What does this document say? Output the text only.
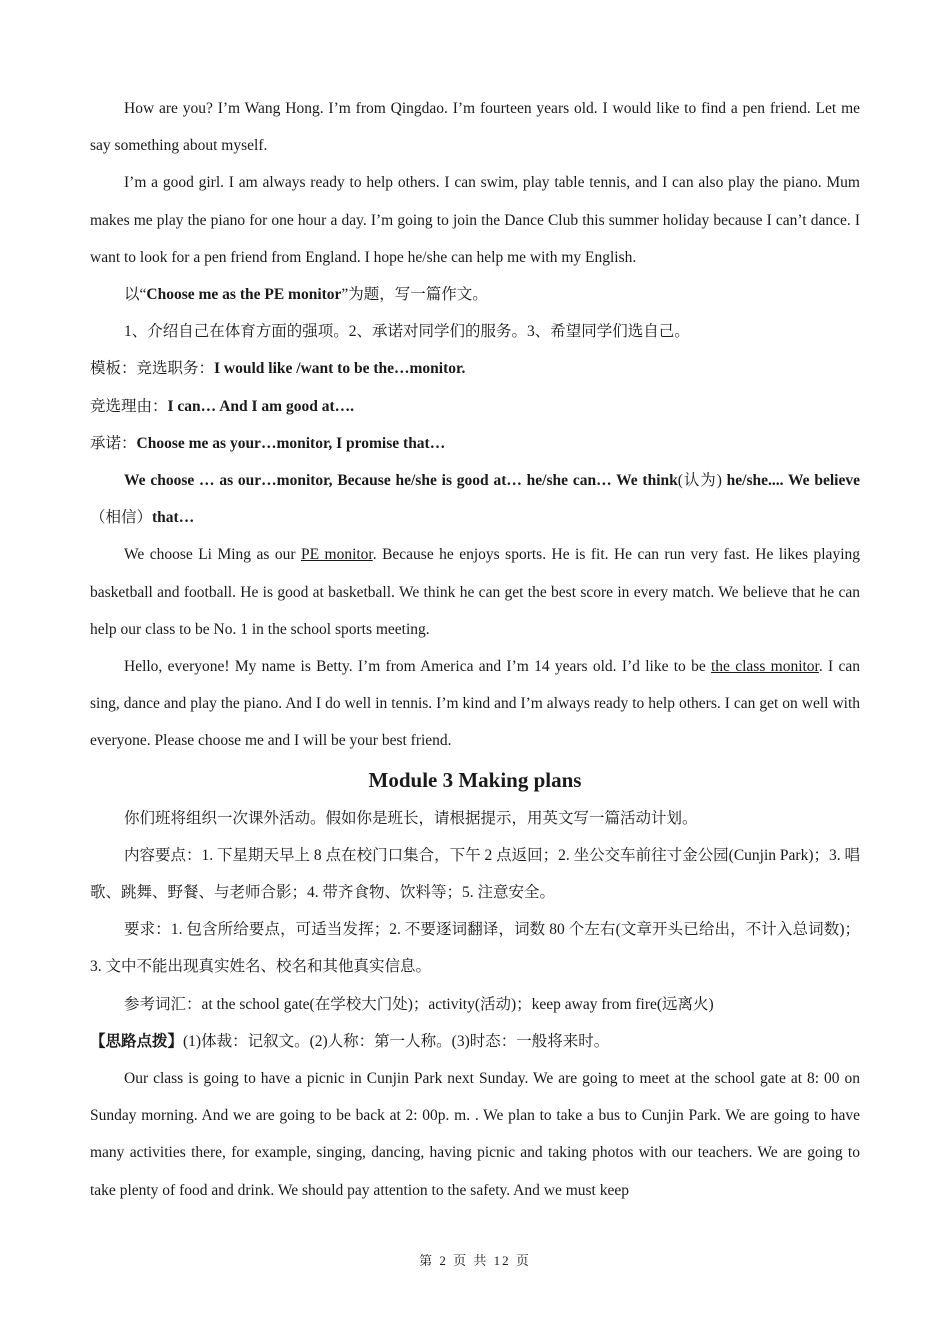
How are you? I’m Wang Hong. I’m from Qingdao. I’m fourteen years old. I would like to find a pen friend. Let me say something about myself.

I’m a good girl. I am always ready to help others. I can swim, play table tennis, and I can also play the piano. Mum makes me play the piano for one hour a day. I’m going to join the Dance Club this summer holiday because I can’t dance. I want to look for a pen friend from England. I hope he/she can help me with my English.

以“Choose me as the PE monitor”为题，写一篇作文。

1、介绍自己在体育方面的强项。2、承诺对同学们的服务。3、希望同学们选自己。

模板：竞选职务：I would like /want to be the…monitor.

竞选理由：I can… And I am good at….

承诺：Choose me as your…monitor, I promise that…

We choose … as our…monitor, Because he/she is good at… he/she can… We think(认为) he/she.... We believe（相信）that…

We choose Li Ming as our PE monitor. Because he enjoys sports. He is fit. He can run very fast. He likes playing basketball and football. He is good at basketball. We think he can get the best score in every match. We believe that he can help our class to be No. 1 in the school sports meeting.

Hello, everyone! My name is Betty. I’m from America and I’m 14 years old. I’d like to be the class monitor. I can sing, dance and play the piano. And I do well in tennis. I’m kind and I’m always ready to help others. I can get on well with everyone. Please choose me and I will be your best friend.

Module 3 Making plans

你们班将组织一次课外活动。假如你是班长，请根据提示，用英文写一篇活动计划。

内容要点：1. 下星期天早上 8 点在校门口集合，下午 2 点返回；2. 坐公交车前往寸金公园(Cunjin Park)；3. 唱歌、跳舞、野餐、与老师合影；4. 带齐食物、饮料等；5. 注意安全。

要求：1. 包含所给要点，可适当发挥；2. 不要逐词翻译，词数 80 个左右(文章开头已给出，不计入总词数)；3. 文中不能出现真实姓名、校名和其他真实信息。

参考词汇：at the school gate(在学校大门处)；activity(活动)；keep away from fire(远离火)

【思路点拨】(1)体裁：记叙文。(2)人称：第一人称。(3)时态：一般将来时。

Our class is going to have a picnic in Cunjin Park next Sunday. We are going to meet at the school gate at 8: 00 on Sunday morning. And we are going to be back at 2: 00p. m. . We plan to take a bus to Cunjin Park. We are going to have many activities there, for example, singing, dancing, having picnic and taking photos with our teachers. We are going to take plenty of food and drink. We should pay attention to the safety. And we must keep

第 2 页 共 12 页
